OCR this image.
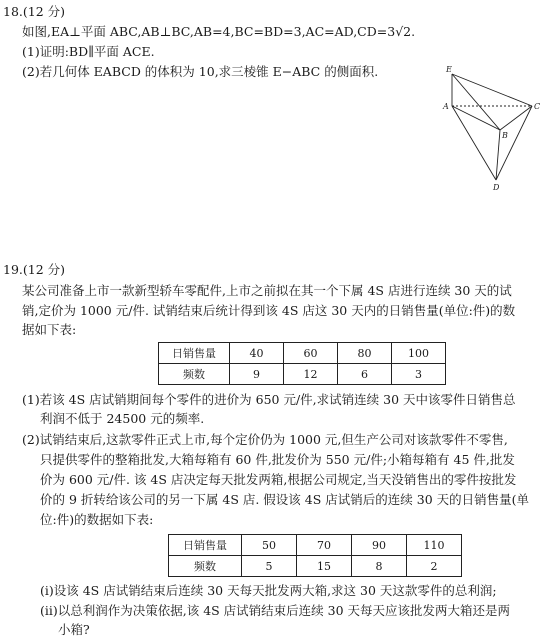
18.(12 分)
如图,EA⊥平面 ABC,AB⊥BC,AB=4,BC=BD=3,AC=AD,CD=3√2.
(1)证明:BD∥平面 ACE.
(2)若几何体 EABCD 的体积为 10,求三棱锥 E−ABC 的侧面积.	E
A	C
B
D
19.(12 分)
某公司准备上市一款新型轿车零配件,上市之前拟在其一个下属 4S 店进行连续 30 天的试
销,定价为 1000 元/件. 试销结束后统计得到该 4S 店这 30 天内的日销售量(单位:件)的数
据如下表:
日销售量	40	60	80	100
频数	9	12	6	3
(1)若该 4S 店试销期间每个零件的进价为 650 元/件,求试销连续 30 天中该零件日销售总
利润不低于 24500 元的频率.
(2)试销结束后,这款零件正式上市,每个定价仍为 1000 元,但生产公司对该款零件不零售,
只提供零件的整箱批发,大箱每箱有 60 件,批发价为 550 元/件;小箱每箱有 45 件,批发
价为 600 元/件. 该 4S 店决定每天批发两箱,根据公司规定,当天没销售出的零件按批发
价的 9 折转给该公司的另一下属 4S 店. 假设该 4S 店试销后的连续 30 天的日销售量(单
位:件)的数据如下表:
日销售量	50	70	90	110
频数	5	15	8	2
(i)设该 4S 店试销结束后连续 30 天每天批发两大箱,求这 30 天这款零件的总利润;
(ii)以总利润作为决策依据,该 4S 店试销结束后连续 30 天每天应该批发两大箱还是两
小箱?
